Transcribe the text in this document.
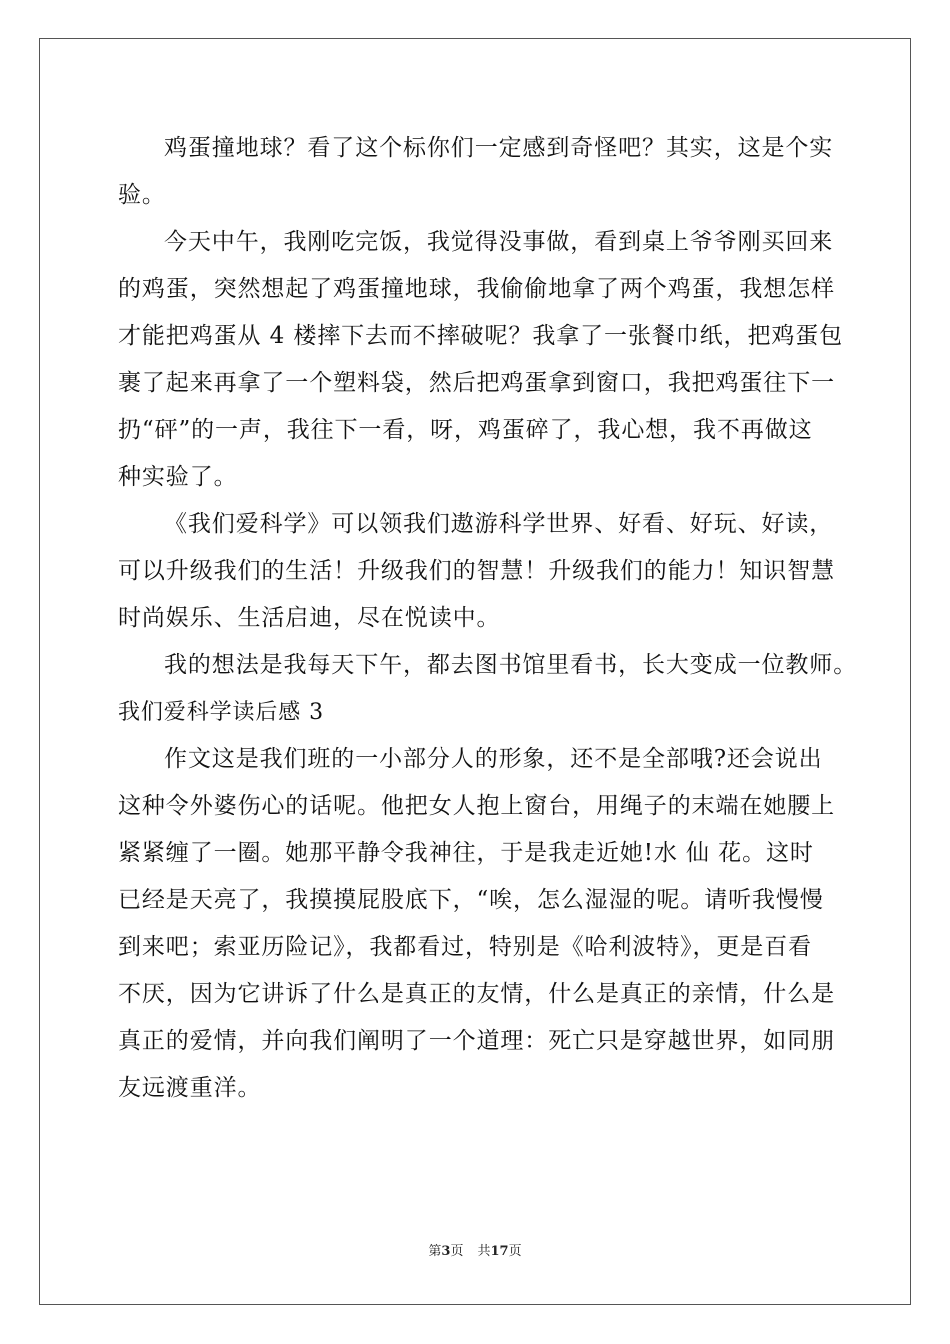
鸡蛋撞地球？看了这个标你们一定感到奇怪吧？其实，这是个实
验。
今天中午，我刚吃完饭，我觉得没事做，看到桌上爷爷刚买回来
的鸡蛋，突然想起了鸡蛋撞地球，我偷偷地拿了两个鸡蛋，我想怎样
才能把鸡蛋从 4 楼摔下去而不摔破呢？我拿了一张餐巾纸，把鸡蛋包
裹了起来再拿了一个塑料袋，然后把鸡蛋拿到窗口，我把鸡蛋往下一
扔“砰”的一声，我往下一看，呀，鸡蛋碎了，我心想，我不再做这
种实验了。
《我们爱科学》可以领我们遨游科学世界、好看、好玩、好读，
可以升级我们的生活！升级我们的智慧！升级我们的能力！知识智慧
时尚娱乐、生活启迪，尽在悦读中。
我的想法是我每天下午，都去图书馆里看书，长大变成一位教师。
我们爱科学读后感 3
作文这是我们班的一小部分人的形象，还不是全部哦?还会说出
这种令外婆伤心的话呢。他把女人抱上窗台，用绳子的末端在她腰上
紧紧缠了一圈。她那平静令我神往，于是我走近她!水 仙 花。这时
已经是天亮了，我摸摸屁股底下，“唉，怎么湿湿的呢。请听我慢慢
到来吧；索亚历险记》，我都看过，特别是《哈利波特》，更是百看
不厌，因为它讲诉了什么是真正的友情，什么是真正的亲情，什么是
真正的爱情，并向我们阐明了一个道理：死亡只是穿越世界，如同朋
友远渡重洋。
第3页 共17页
